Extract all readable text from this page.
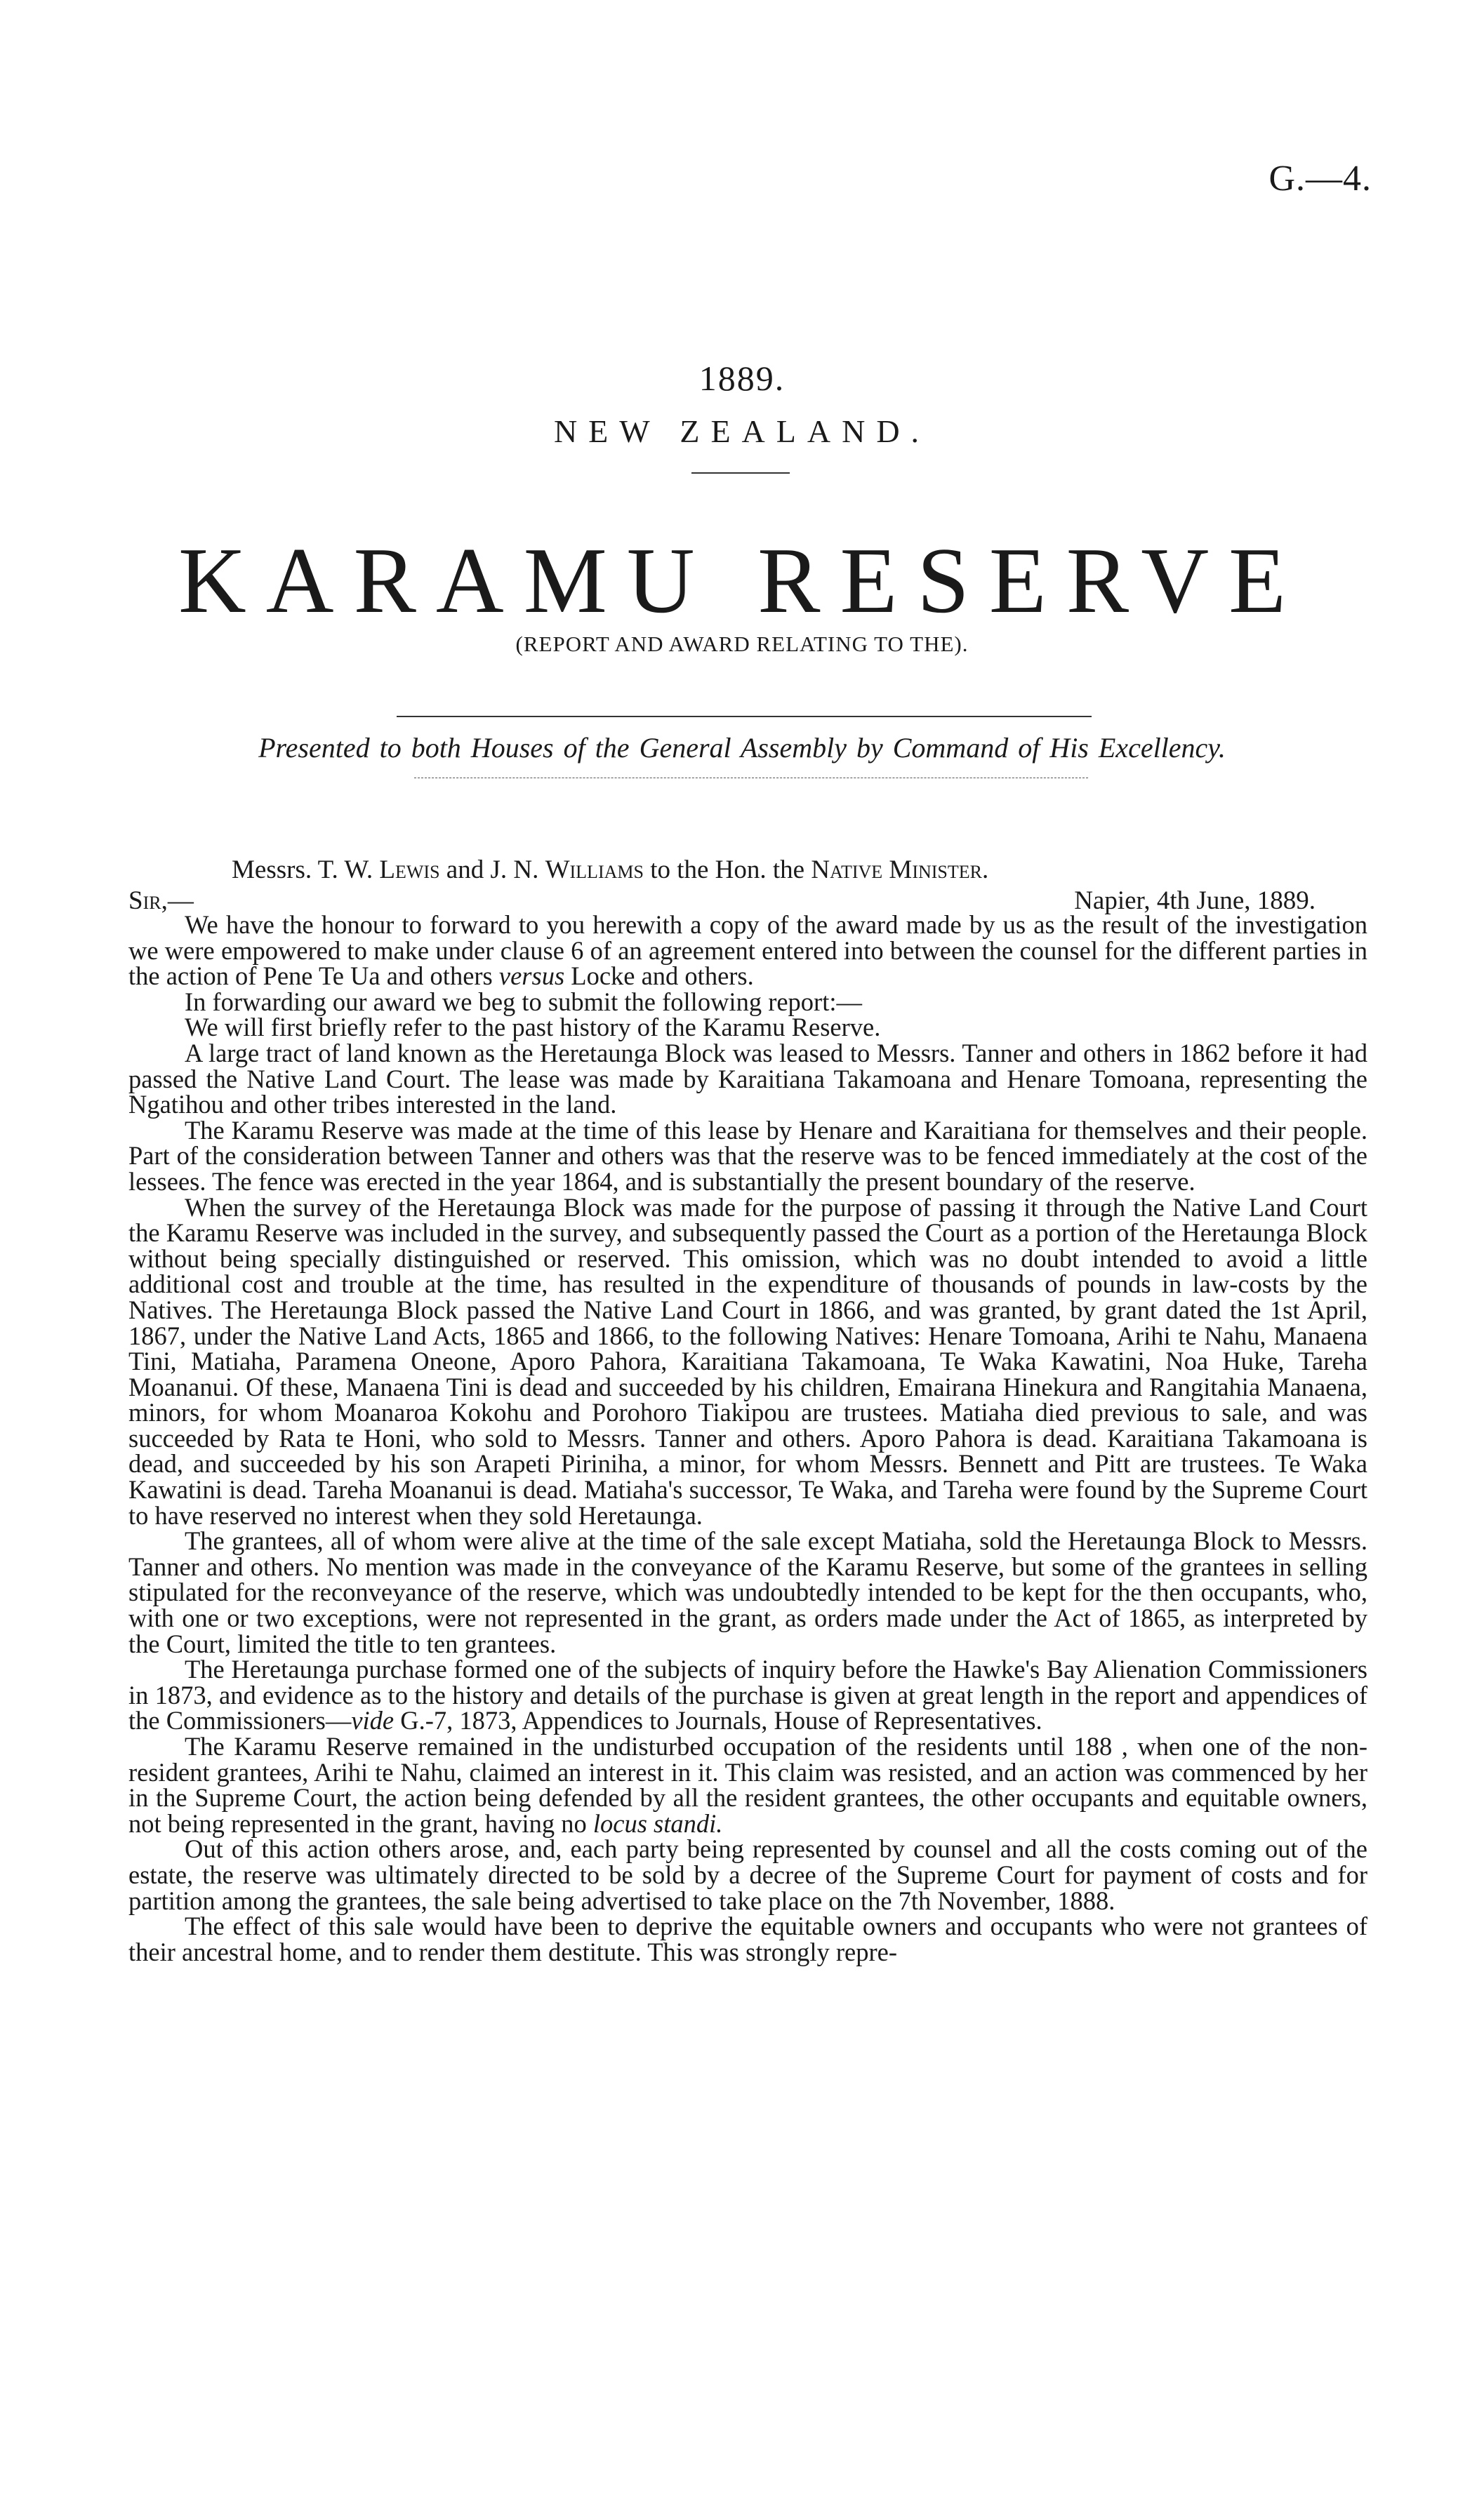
G.—4.
1889.
NEW ZEALAND.
KARAMU RESERVE
(REPORT AND AWARD RELATING TO THE).
Presented to both Houses of the General Assembly by Command of His Excellency.
Messrs. T. W. Lewis and J. N. Williams to the Hon. the Native Minister.
Sir,—	Napier, 4th June, 1889.

We have the honour to forward to you herewith a copy of the award made by us as the result of the investigation we were empowered to make under clause 6 of an agreement entered into between the counsel for the different parties in the action of Pene Te Ua and others versus Locke and others.

In forwarding our award we beg to submit the following report:—

We will first briefly refer to the past history of the Karamu Reserve.

A large tract of land known as the Heretaunga Block was leased to Messrs. Tanner and others in 1862 before it had passed the Native Land Court. The lease was made by Karaitiana Takamoana and Henare Tomoana, representing the Ngatihou and other tribes interested in the land.

The Karamu Reserve was made at the time of this lease by Henare and Karaitiana for themselves and their people. Part of the consideration between Tanner and others was that the reserve was to be fenced immediately at the cost of the lessees. The fence was erected in the year 1864, and is substantially the present boundary of the reserve.

When the survey of the Heretaunga Block was made for the purpose of passing it through the Native Land Court the Karamu Reserve was included in the survey, and subsequently passed the Court as a portion of the Heretaunga Block without being specially distinguished or reserved. This omission, which was no doubt intended to avoid a little additional cost and trouble at the time, has resulted in the expenditure of thousands of pounds in law-costs by the Natives. The Heretaunga Block passed the Native Land Court in 1866, and was granted, by grant dated the 1st April, 1867, under the Native Land Acts, 1865 and 1866, to the following Natives: Henare Tomoana, Arihi te Nahu, Manaena Tini, Matiaha, Paramena Oneone, Aporo Pahora, Karaitiana Takamoana, Te Waka Kawatini, Noa Huke, Tareha Moananui. Of these, Manaena Tini is dead and succeeded by his children, Emairana Hinekura and Rangitahia Manaena, minors, for whom Moanaroa Kokohu and Porohoro Tiakipou are trustees. Matiaha died previous to sale, and was succeeded by Rata te Honi, who sold to Messrs. Tanner and others. Aporo Pahora is dead. Karaitiana Takamoana is dead, and succeeded by his son Arapeti Piriniha, a minor, for whom Messrs. Bennett and Pitt are trustees. Te Waka Kawatini is dead. Tareha Moananui is dead. Matiaha's successor, Te Waka, and Tareha were found by the Supreme Court to have reserved no interest when they sold Heretaunga.

The grantees, all of whom were alive at the time of the sale except Matiaha, sold the Heretaunga Block to Messrs. Tanner and others. No mention was made in the conveyance of the Karamu Reserve, but some of the grantees in selling stipulated for the reconveyance of the reserve, which was undoubtedly intended to be kept for the then occupants, who, with one or two exceptions, were not represented in the grant, as orders made under the Act of 1865, as interpreted by the Court, limited the title to ten grantees.

The Heretaunga purchase formed one of the subjects of inquiry before the Hawke's Bay Alienation Commissioners in 1873, and evidence as to the history and details of the purchase is given at great length in the report and appendices of the Commissioners—vide G.-7, 1873, Appendices to Journals, House of Representatives.

The Karamu Reserve remained in the undisturbed occupation of the residents until 188 , when one of the non-resident grantees, Arihi te Nahu, claimed an interest in it. This claim was resisted, and an action was commenced by her in the Supreme Court, the action being defended by all the resident grantees, the other occupants and equitable owners, not being represented in the grant, having no locus standi.

Out of this action others arose, and, each party being represented by counsel and all the costs coming out of the estate, the reserve was ultimately directed to be sold by a decree of the Supreme Court for payment of costs and for partition among the grantees, the sale being advertised to take place on the 7th November, 1888.

The effect of this sale would have been to deprive the equitable owners and occupants who were not grantees of their ancestral home, and to render them destitute. This was strongly repre-
